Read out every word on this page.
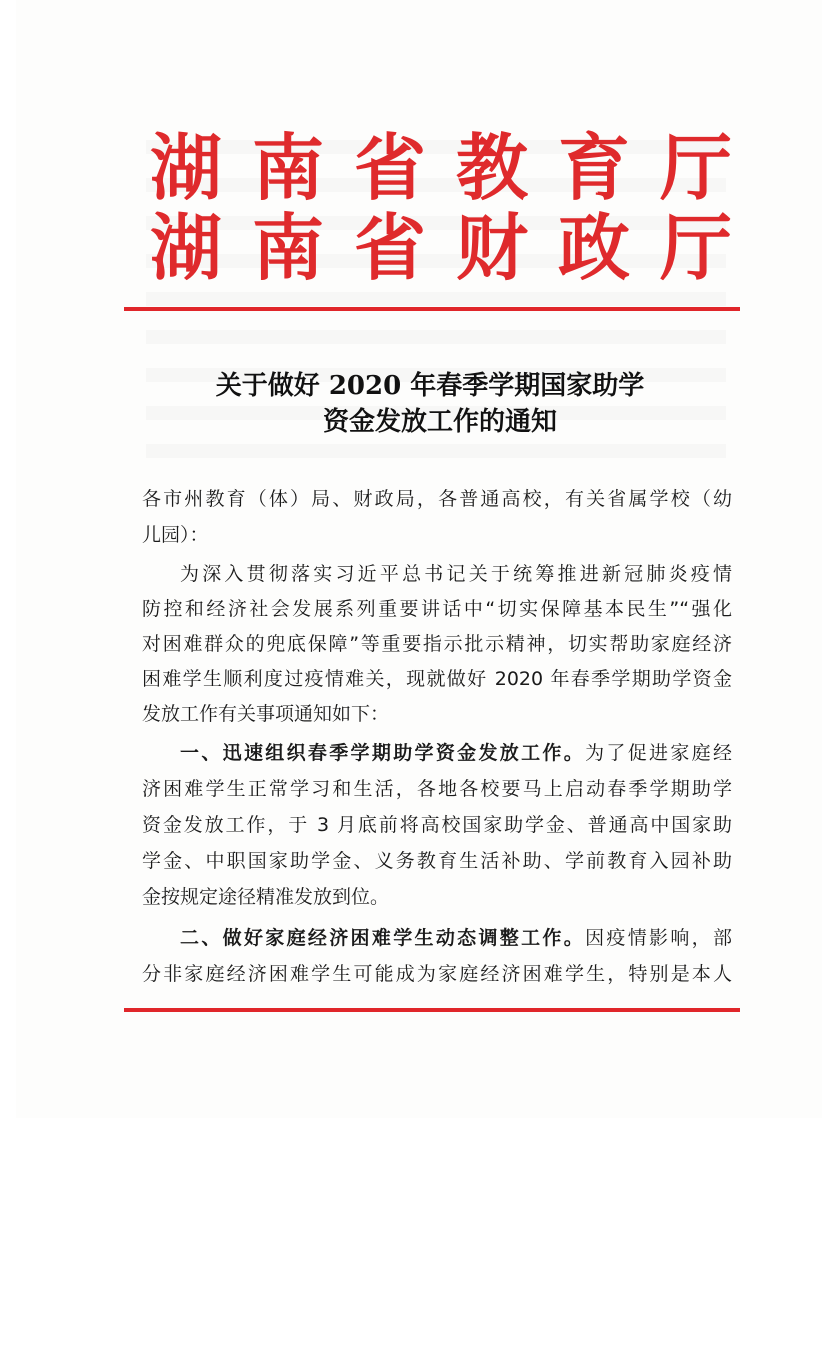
湖南省教育厅
湖南省财政厅
关于做好 2020 年春季学期国家助学
资金发放工作的通知
各市州教育（体）局、财政局，各普通高校，有关省属学校（幼
儿园）：
为深入贯彻落实习近平总书记关于统筹推进新冠肺炎疫情
防控和经济社会发展系列重要讲话中“切实保障基本民生”“强化
对困难群众的兜底保障”等重要指示批示精神，切实帮助家庭经济
困难学生顺利度过疫情难关，现就做好 2020 年春季学期助学资金
发放工作有关事项通知如下：
一、迅速组织春季学期助学资金发放工作。为了促进家庭经
济困难学生正常学习和生活，各地各校要马上启动春季学期助学
资金发放工作，于 3 月底前将高校国家助学金、普通高中国家助
学金、中职国家助学金、义务教育生活补助、学前教育入园补助
金按规定途径精准发放到位。
二、做好家庭经济困难学生动态调整工作。因疫情影响，部
分非家庭经济困难学生可能成为家庭经济困难学生，特别是本人
